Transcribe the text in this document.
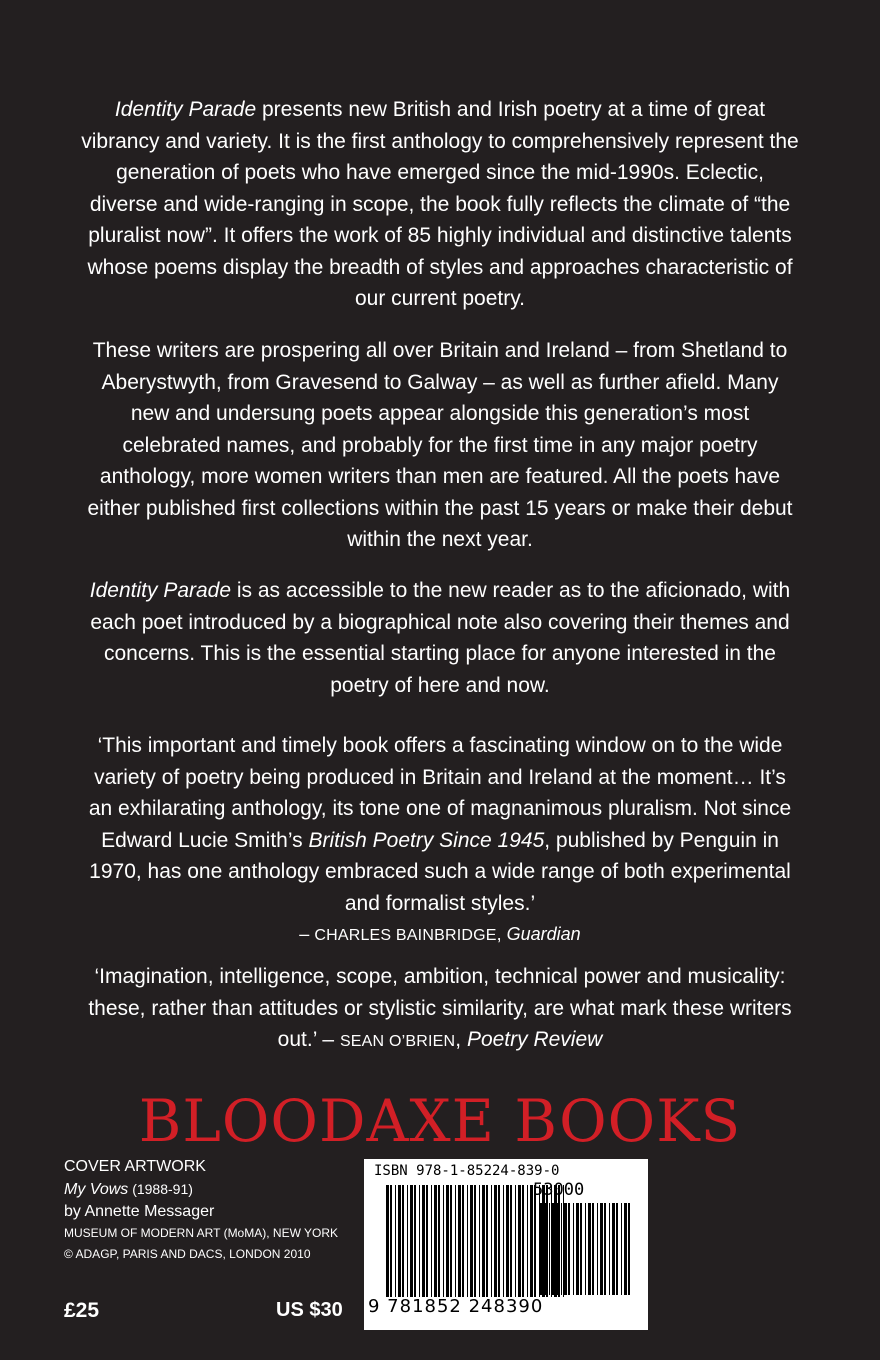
Identity Parade presents new British and Irish poetry at a time of great vibrancy and variety. It is the first anthology to comprehensively represent the generation of poets who have emerged since the mid-1990s. Eclectic, diverse and wide-ranging in scope, the book fully reflects the climate of “the pluralist now”. It offers the work of 85 highly individual and distinctive talents whose poems display the breadth of styles and approaches characteristic of our current poetry.

These writers are prospering all over Britain and Ireland – from Shetland to Aberystwyth, from Gravesend to Galway – as well as further afield. Many new and undersung poets appear alongside this generation’s most celebrated names, and probably for the first time in any major poetry anthology, more women writers than men are featured. All the poets have either published first collections within the past 15 years or make their debut within the next year.

Identity Parade is as accessible to the new reader as to the aficionado, with each poet introduced by a biographical note also covering their themes and concerns. This is the essential starting place for anyone interested in the poetry of here and now.

‘This important and timely book offers a fascinating window on to the wide variety of poetry being produced in Britain and Ireland at the moment… It’s an exhilarating anthology, its tone one of magnanimous pluralism. Not since Edward Lucie Smith’s British Poetry Since 1945, published by Penguin in 1970, has one anthology embraced such a wide range of both experimental and formalist styles.’

– CHARLES BAINBRIDGE, Guardian

‘Imagination, intelligence, scope, ambition, technical power and musicality: these, rather than attitudes or stylistic similarity, are what mark these writers out.’ – SEAN O’BRIEN, Poetry Review

BLOODAXE BOOKS
COVER ARTWORK
My Vows (1988-91)
by Annette Messager
MUSEUM OF MODERN ART (MoMA), NEW YORK
© ADAGP, PARIS AND DACS, LONDON 2010
£25	US $30
ISBN 978-1-85224-839-0
53000
9 781852 248390
